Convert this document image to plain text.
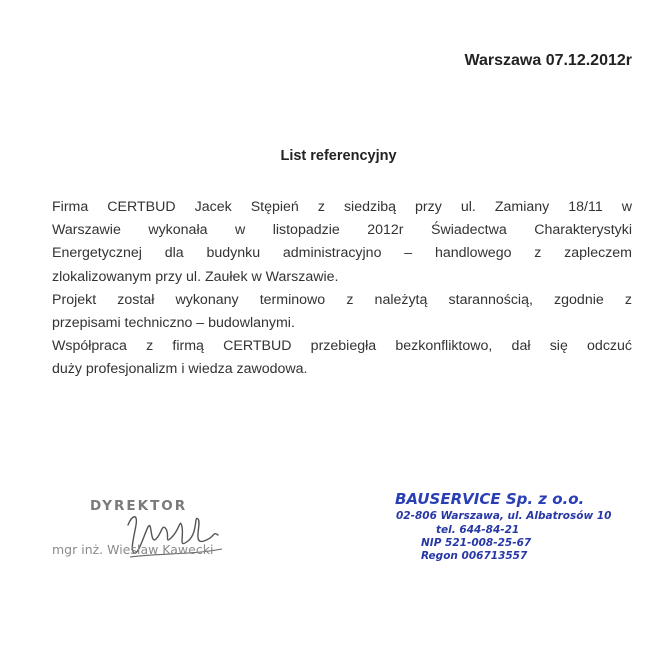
Warszawa 07.12.2012r
List referencyjny

Firma CERTBUD Jacek Stępień z siedzibą przy ul. Zamiany 18/11 w
Warszawie wykonała w listopadzie 2012r Świadectwa Charakterystyki
Energetycznej dla budynku administracyjno – handlowego z zapleczem
zlokalizowanym przy ul. Zaułek w Warszawie.

Projekt został wykonany terminowo z należytą starannością, zgodnie z
przepisami techniczno – budowlanymi.

Współpraca z firmą CERTBUD przebiegła bezkonfliktowo, dał się odczuć
duży profesjonalizm i wiedza zawodowa.

DYREKTOR
mgr inż. Wiesław Kawecki
BAUSERVICE Sp. z o.o.
02-806 Warszawa, ul. Albatrosów 10
tel. 644-84-21
NIP 521-008-25-67
Regon 006713557
